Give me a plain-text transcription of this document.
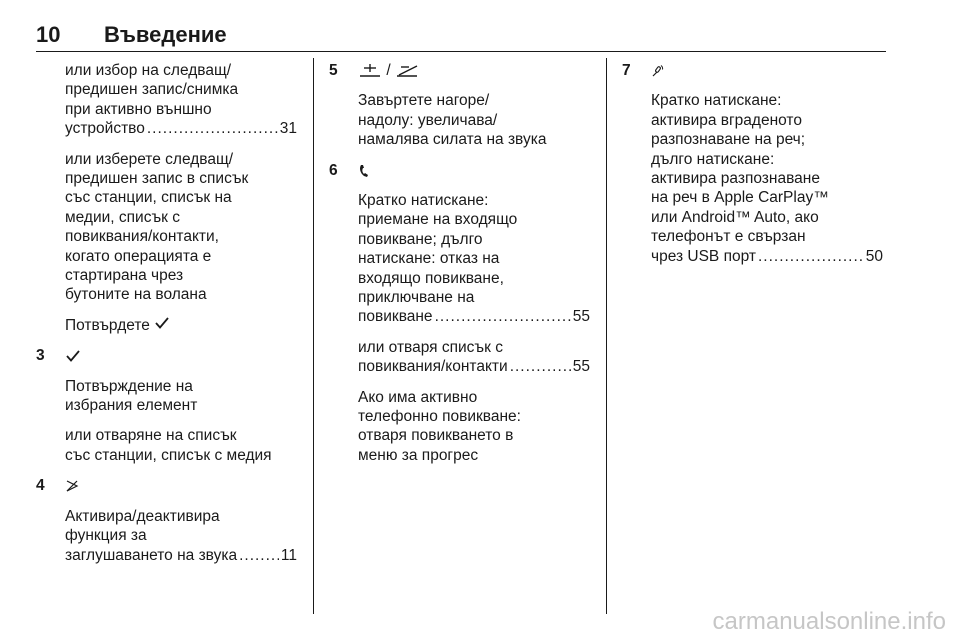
10 Въведение

или избор на следващ/
предишен запис/снимка
при активно външно

устройство .....	31

или изберете следващ/
предишен запис в списък
със станции, списък на
медии, списък с
повиквания/контакти,
когато операцията е
стартирана чрез
бутоните на волана

Потвърдете

3

Потвърждение на
избрания елемент

или отваряне на списък
със станции, списък с медия

4

Активира/деактивира
функция за

заглушаването на звука .....	11

5	/

Завъртете нагоре/
надолу: увеличава/
намалява силата на звука

6

Кратко натискане:
приемане на входящо
повикване; дълго
натискане: отказ на
входящо повикване,
приключване на

повикване .....	55

или отваря списък с

повиквания/контакти .....	55

Ако има активно
телефонно повикване:
отваря повикването в
меню за прогрес

7

Кратко натискане:
активира вграденото
разпознаване на реч;
дълго натискане:
активира разпознаване
на реч в Apple CarPlay™
или Android™ Auto, ако
телефонът е свързан

чрез USB порт .....	50

carmanualsonline.info
